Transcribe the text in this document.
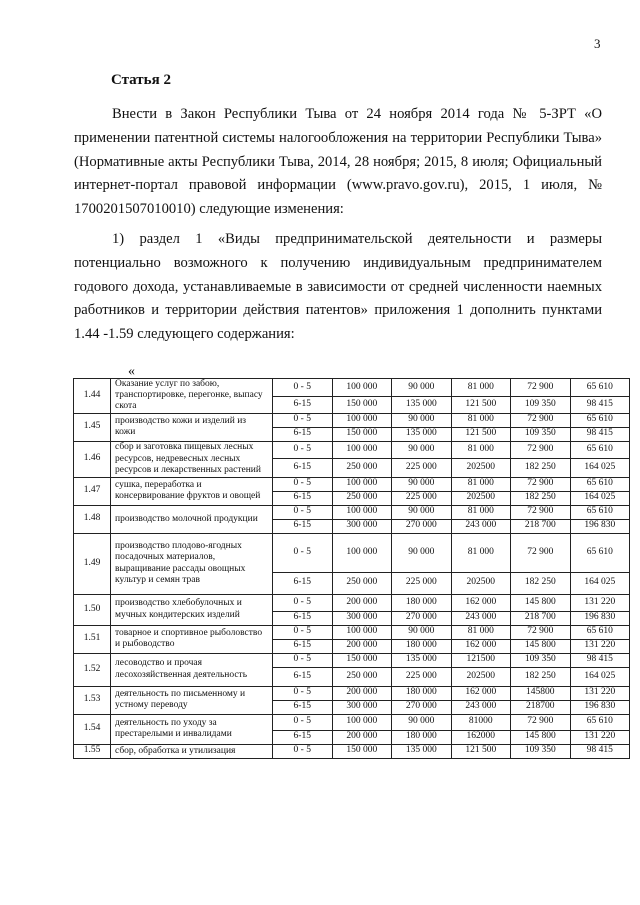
3
Статья 2

Внести в Закон Республики Тыва от 24 ноября 2014 года № 5-ЗРТ «О применении патентной системы налогообложения на территории Республики Тыва» (Нормативные акты Республики Тыва, 2014, 28 ноября; 2015, 8 июля; Официальный интернет-портал правовой информации (www.pravo.gov.ru), 2015, 1 июля, № 1700201507010010) следующие изменения:

1) раздел 1 «Виды предпринимательской деятельности и размеры потенциально возможного к получению индивидуальным предпринимателем годового дохода, устанавливаемые в зависимости от средней численности наемных работников и территории действия патентов» приложения 1 дополнить пунктами 1.44 -1.59 следующего содержания:

«
1.44	Оказание услуг по забою, транспортировке, перегонке, выпасу скота	0 - 5	100 000	90 000	81 000	72 900	65 610
		6-15	150 000	135 000	121 500	109 350	98 415
1.45	производство кожи и изделий из кожи	0 - 5	100 000	90 000	81 000	72 900	65 610
		6-15	150 000	135 000	121 500	109 350	98 415
1.46	сбор и заготовка пищевых лесных ресурсов, недревесных лесных ресурсов и лекарственных растений	0 - 5	100 000	90 000	81 000	72 900	65 610
		6-15	250 000	225 000	202500	182 250	164 025
1.47	сушка, переработка и консервирование фруктов и овощей	0 - 5	100 000	90 000	81 000	72 900	65 610
		6-15	250 000	225 000	202500	182 250	164 025
1.48	производство молочной продукции	0 - 5	100 000	90 000	81 000	72 900	65 610
		6-15	300 000	270 000	243 000	218 700	196 830
1.49	производство плодово-ягодных посадочных материалов, выращивание рассады овощных культур и семян трав	0 - 5	100 000	90 000	81 000	72 900	65 610
		6-15	250 000	225 000	202500	182 250	164 025
1.50	производство хлебобулочных и мучных кондитерских изделий	0 - 5	200 000	180 000	162 000	145 800	131 220
		6-15	300 000	270 000	243 000	218 700	196 830
1.51	товарное и спортивное рыболовство и рыбоводство	0 - 5	100 000	90 000	81 000	72 900	65 610
		6-15	200 000	180 000	162 000	145 800	131 220
1.52	лесоводство и прочая лесохозяйственная деятельность	0 - 5	150 000	135 000	121500	109 350	98 415
		6-15	250 000	225 000	202500	182 250	164 025
1.53	деятельность по письменному и устному переводу	0 - 5	200 000	180 000	162 000	145800	131 220
		6-15	300 000	270 000	243 000	218700	196 830
1.54	деятельность по уходу за престарелыми и инвалидами	0 - 5	100 000	90 000	81000	72 900	65 610
		6-15	200 000	180 000	162000	145 800	131 220
1.55	сбор, обработка и утилизация	0 - 5	150 000	135 000	121 500	109 350	98 415
